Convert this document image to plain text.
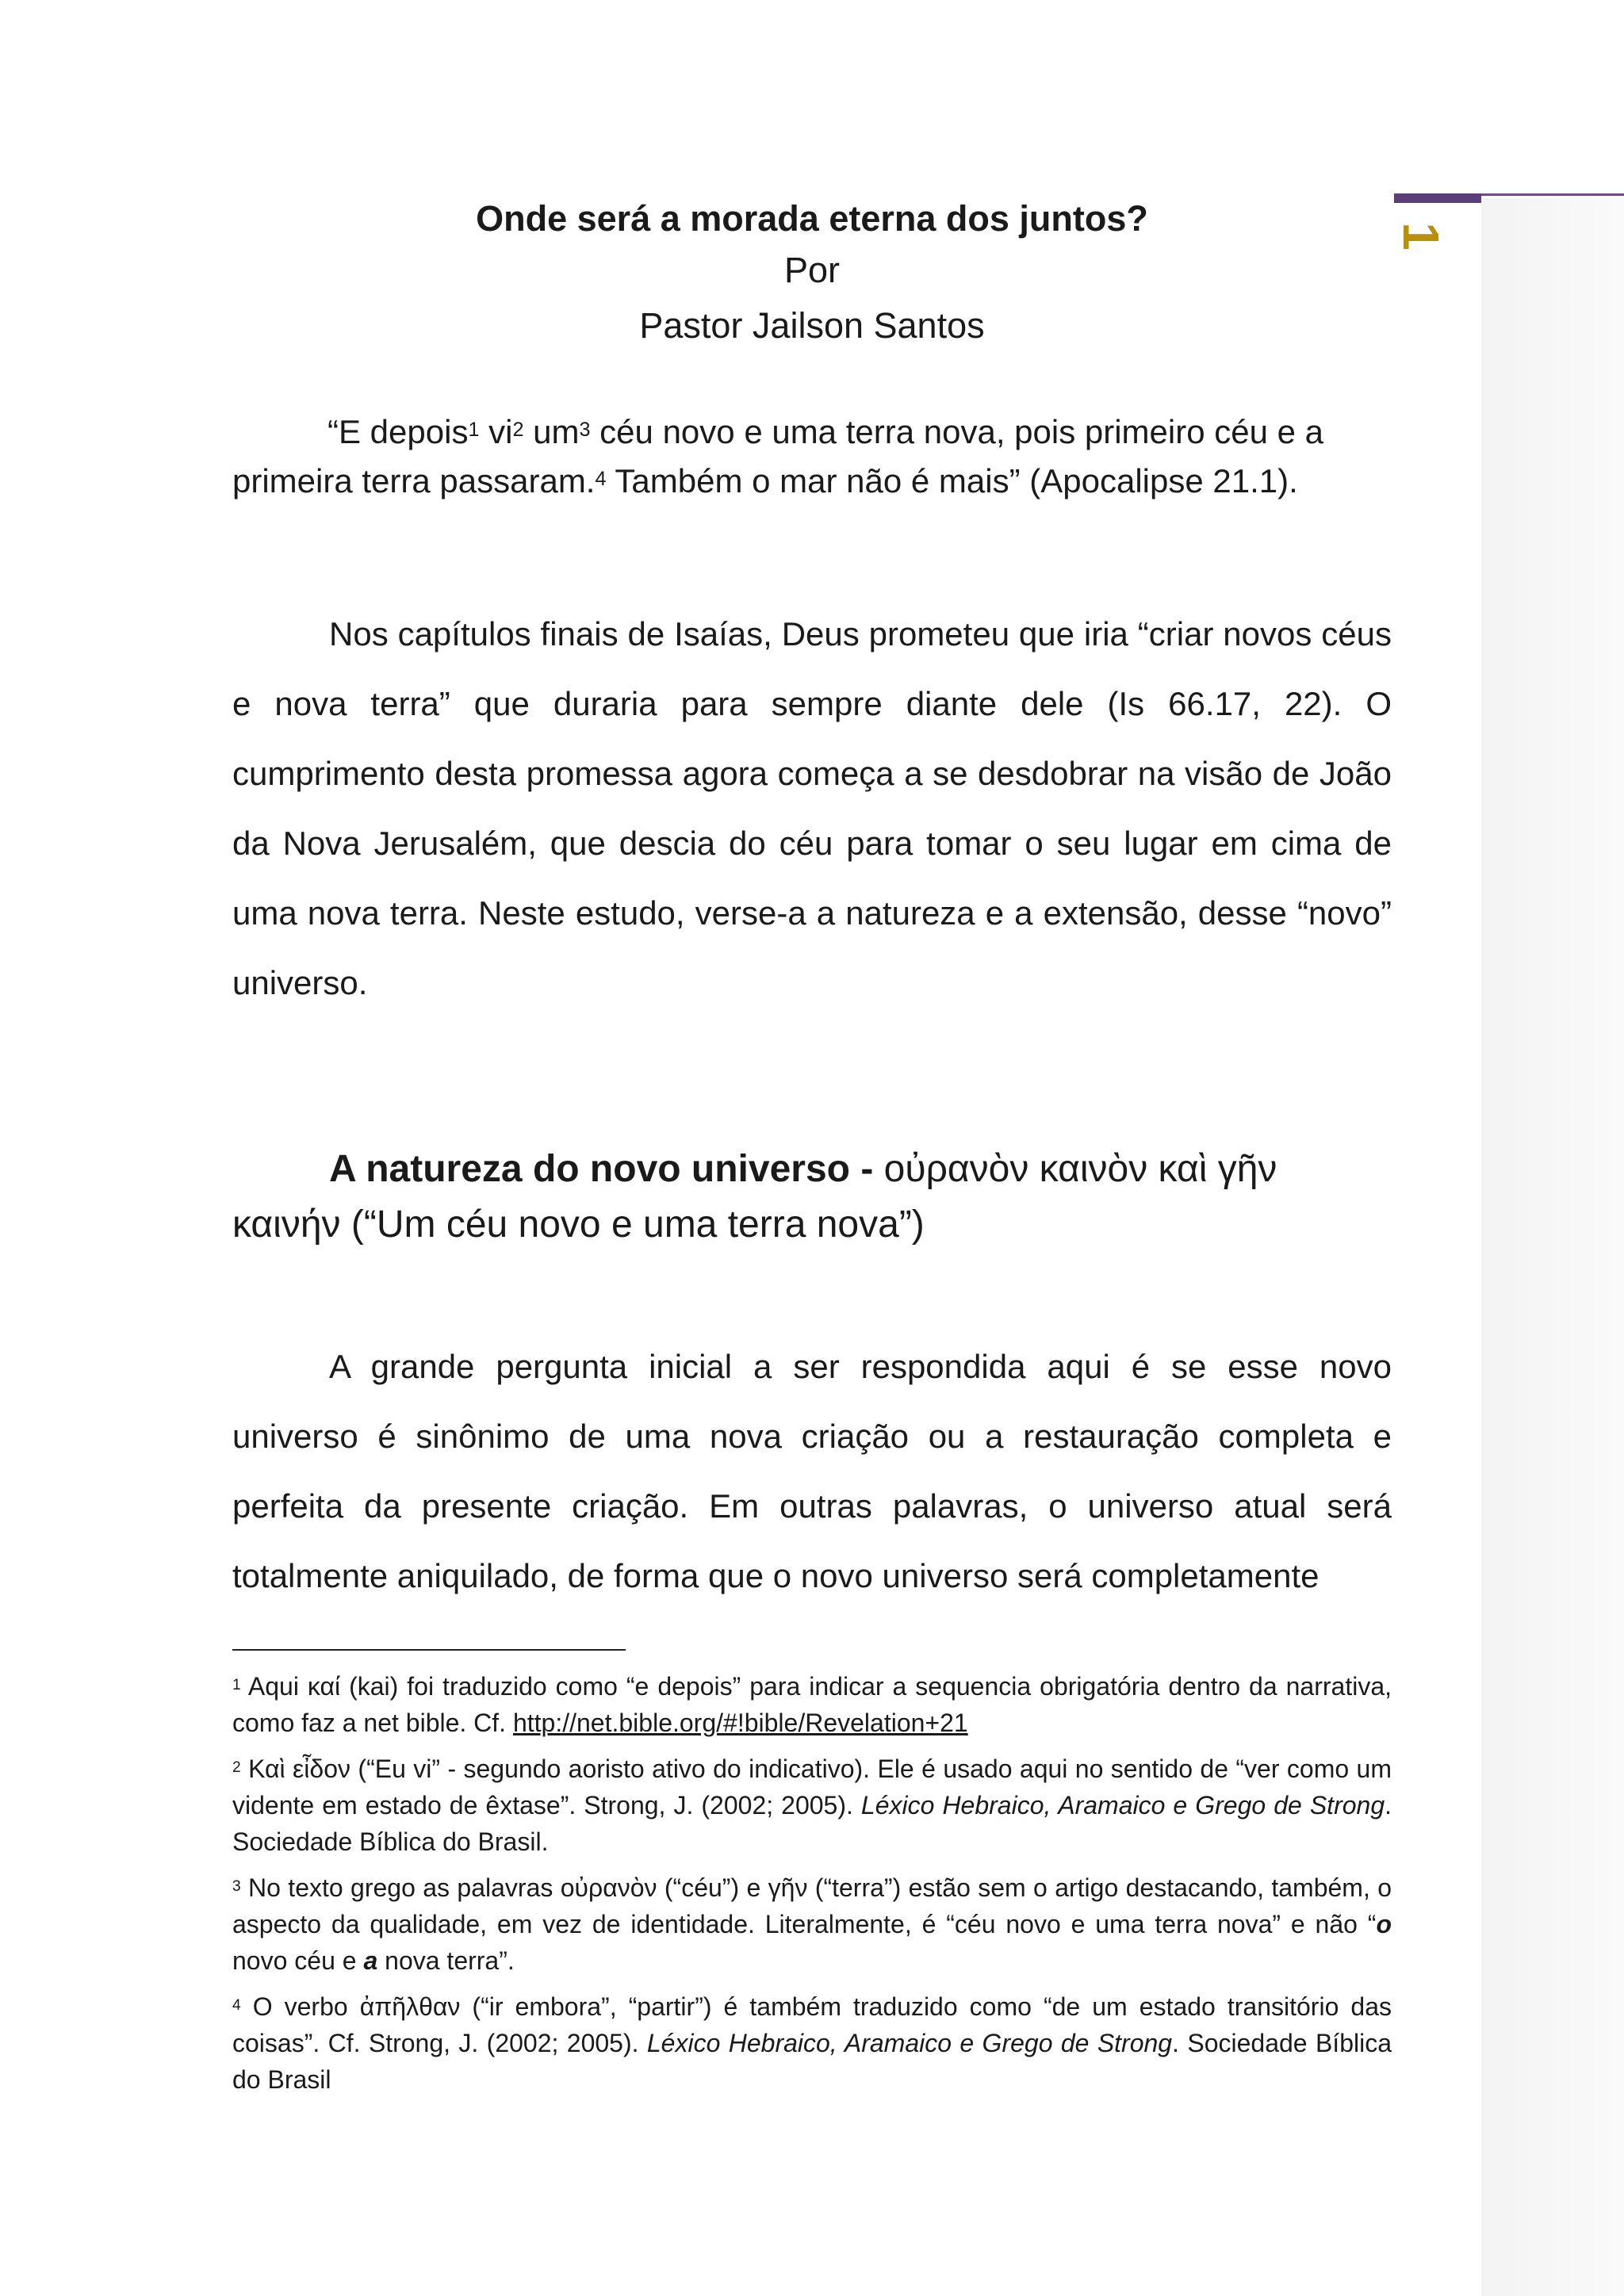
1
Onde será a morada eterna dos juntos?
Por
Pastor Jailson Santos
“E depois$^1$ $vi^2$ $um^3$ céu novo e uma terra nova, pois primeiro céu e a primeira terra passaram.$^4$ Também o mar não é mais” (Apocalipse 21.1).
Nos capítulos finais de Isaías, Deus prometeu que iria “criar novos céus e nova terra” que duraria para sempre diante dele (Is 66.17, 22). O cumprimento desta promessa agora começa a se desdobrar na visão de João da Nova Jerusalém, que descia do céu para tomar o seu lugar em cima de uma nova terra. Neste estudo, verse-a a natureza e a extensão, desse “novo” universo.
A natureza do novo universo - οὐρανὸν καινὸν καὶ γῆν καινήν (“Um céu novo e uma terra nova”)
A grande pergunta inicial a ser respondida aqui é se esse novo universo é sinônimo de uma nova criação ou a restauração completa e perfeita da presente criação. Em outras palavras, o universo atual será totalmente aniquilado, de forma que o novo universo será completamente

$^1$ Aqui καί (kai) foi traduzido como “e depois” para indicar a sequencia obrigatória dentro da narrativa, como faz a net bible. Cf. http://net.bible.org/#!bible/Revelation+21

$^2$ Καὶ εἶδον (“Eu vi” - segundo aoristo ativo do indicativo). Ele é usado aqui no sentido de “ver como um vidente em estado de êxtase”. Strong, J. (2002; 2005). Léxico Hebraico, Aramaico e Grego de Strong. Sociedade Bíblica do Brasil.

$^3$ No texto grego as palavras οὐρανὸν (“céu”) e γῆν (“terra”) estão sem o artigo destacando, também, o aspecto da qualidade, em vez de identidade. Literalmente, é “céu novo e uma terra nova” e não “o novo céu e a nova terra”.

$^4$ O verbo ἀπῆλθαν (“ir embora”, “partir”) é também traduzido como “de um estado transitório das coisas”. Cf. Strong, J. (2002; 2005). Léxico Hebraico, Aramaico e Grego de Strong. Sociedade Bíblica do Brasil
